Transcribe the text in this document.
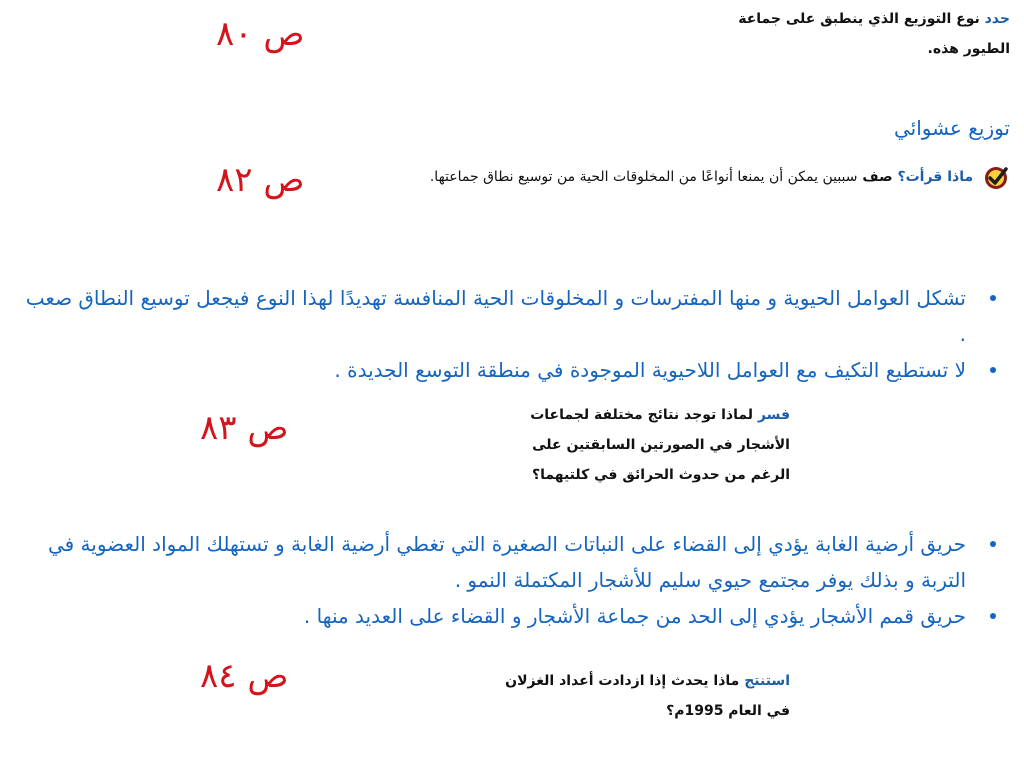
ص ٨٠	حدد نوع التوزيع الذي ينطبق على جماعة الطيور هذه.
توزيع عشوائي
ص ٨٢	ماذا قرأت؟ صف سببين يمكن أن يمنعا أنواعًا من المخلوقات الحية من توسيع نطاق جماعتها.
تشكل العوامل الحيوية و منها المفترسات و المخلوقات الحية المنافسة تهديدًا لهذا النوع فيجعل توسيع النطاق صعب .
لا تستطيع التكيف مع العوامل اللاحيوية الموجودة في منطقة التوسع الجديدة .
ص ٨٣	فسر لماذا توجد نتائج مختلفة لجماعات الأشجار في الصورتين السابقتين على الرغم من حدوث الحرائق في كلتيهما؟
حريق أرضية الغابة يؤدي إلى القضاء على النباتات الصغيرة التي تغطي أرضية الغابة و تستهلك المواد العضوية في التربة و بذلك يوفر مجتمع حيوي سليم للأشجار المكتملة النمو .
حريق قمم الأشجار يؤدي إلى الحد من جماعة الأشجار و القضاء على العديد منها .
ص ٨٤	استنتج ماذا يحدث إذا ازدادت أعداد الغزلان في العام 1995م؟
